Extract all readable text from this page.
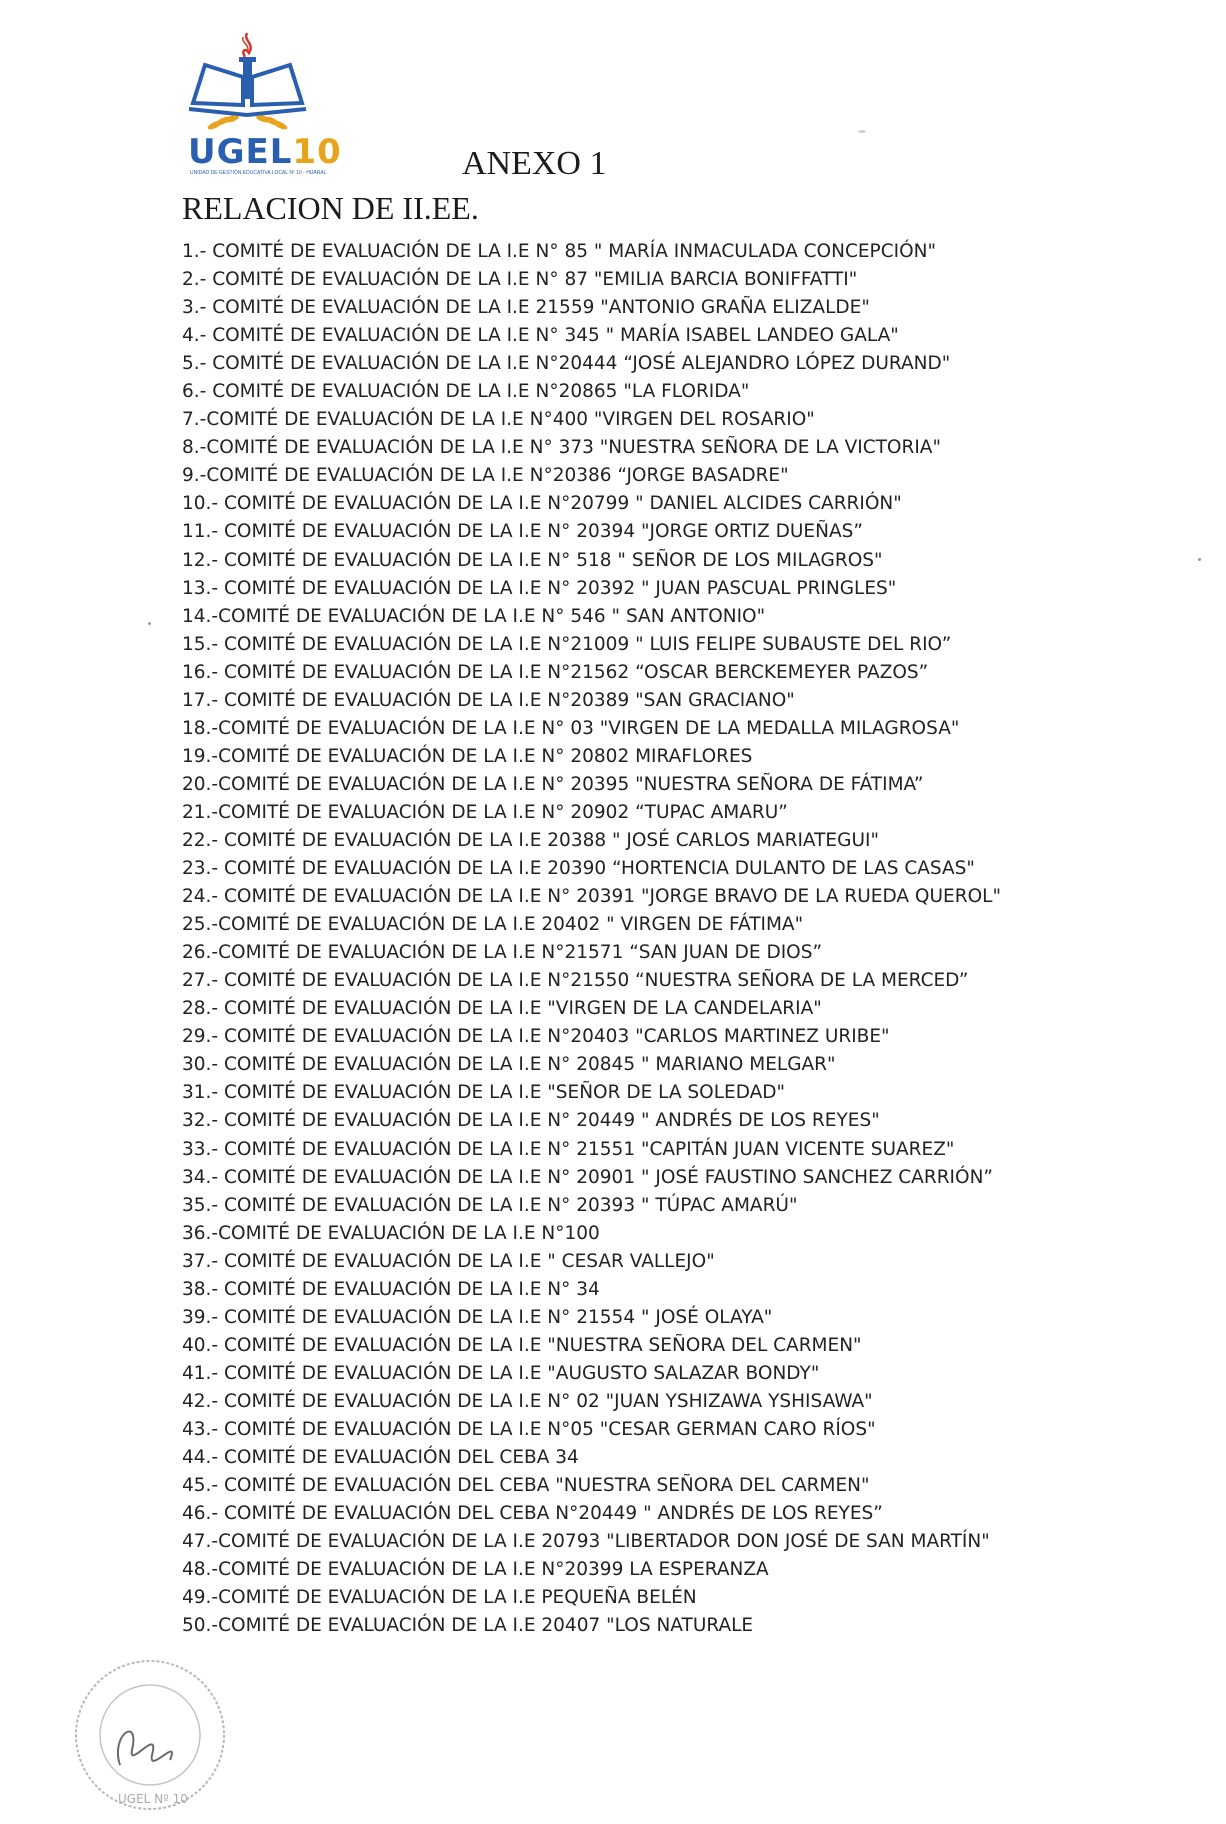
UGEL10
UNIDAD DE GESTIÓN EDUCATIVA LOCAL Nº 10 - HUARAL	ANEXO 1
RELACION DE II.EE.
1.- COMITÉ DE EVALUACIÓN DE LA I.E N° 85 " MARÍA INMACULADA CONCEPCIÓN"
2.- COMITÉ DE EVALUACIÓN DE LA I.E N° 87 "EMILIA BARCIA BONIFFATTI"
3.- COMITÉ DE EVALUACIÓN DE LA I.E 21559 "ANTONIO GRAÑA ELIZALDE"
4.- COMITÉ DE EVALUACIÓN DE LA I.E N° 345 " MARÍA ISABEL LANDEO GALA"
5.- COMITÉ DE EVALUACIÓN DE LA I.E N°20444 “JOSÉ ALEJANDRO LÓPEZ DURAND"
6.- COMITÉ DE EVALUACIÓN DE LA I.E N°20865 "LA FLORIDA"
7.-COMITÉ DE EVALUACIÓN DE LA I.E N°400 "VIRGEN DEL ROSARIO"
8.-COMITÉ DE EVALUACIÓN DE LA I.E N° 373 "NUESTRA SEÑORA DE LA VICTORIA"
9.-COMITÉ DE EVALUACIÓN DE LA I.E N°20386 “JORGE BASADRE"
10.- COMITÉ DE EVALUACIÓN DE LA I.E N°20799 " DANIEL ALCIDES CARRIÓN"
11.- COMITÉ DE EVALUACIÓN DE LA I.E N° 20394 "JORGE ORTIZ DUEÑAS”
12.- COMITÉ DE EVALUACIÓN DE LA I.E N° 518 " SEÑOR DE LOS MILAGROS"
13.- COMITÉ DE EVALUACIÓN DE LA I.E N° 20392 " JUAN PASCUAL PRINGLES"
14.-COMITÉ DE EVALUACIÓN DE LA I.E N° 546 " SAN ANTONIO"
15.- COMITÉ DE EVALUACIÓN DE LA I.E N°21009 " LUIS FELIPE SUBAUSTE DEL RIO”
16.- COMITÉ DE EVALUACIÓN DE LA I.E N°21562 “OSCAR BERCKEMEYER PAZOS”
17.- COMITÉ DE EVALUACIÓN DE LA I.E N°20389 "SAN GRACIANO"
18.-COMITÉ DE EVALUACIÓN DE LA I.E N° 03 "VIRGEN DE LA MEDALLA MILAGROSA"
19.-COMITÉ DE EVALUACIÓN DE LA I.E N° 20802 MIRAFLORES
20.-COMITÉ DE EVALUACIÓN DE LA I.E N° 20395 "NUESTRA SEÑORA DE FÁTIMA”
21.-COMITÉ DE EVALUACIÓN DE LA I.E N° 20902 “TUPAC AMARU”
22.- COMITÉ DE EVALUACIÓN DE LA I.E 20388 " JOSÉ CARLOS MARIATEGUI"
23.- COMITÉ DE EVALUACIÓN DE LA I.E 20390 “HORTENCIA DULANTO DE LAS CASAS"
24.- COMITÉ DE EVALUACIÓN DE LA I.E N° 20391 "JORGE BRAVO DE LA RUEDA QUEROL"
25.-COMITÉ DE EVALUACIÓN DE LA I.E 20402 " VIRGEN DE FÁTIMA"
26.-COMITÉ DE EVALUACIÓN DE LA I.E N°21571 “SAN JUAN DE DIOS”
27.- COMITÉ DE EVALUACIÓN DE LA I.E N°21550 “NUESTRA SEÑORA DE LA MERCED”
28.- COMITÉ DE EVALUACIÓN DE LA I.E "VIRGEN DE LA CANDELARIA"
29.- COMITÉ DE EVALUACIÓN DE LA I.E N°20403 "CARLOS MARTINEZ URIBE"
30.- COMITÉ DE EVALUACIÓN DE LA I.E N° 20845 " MARIANO MELGAR"
31.- COMITÉ DE EVALUACIÓN DE LA I.E "SEÑOR DE LA SOLEDAD"
32.- COMITÉ DE EVALUACIÓN DE LA I.E N° 20449 " ANDRÉS DE LOS REYES"
33.- COMITÉ DE EVALUACIÓN DE LA I.E N° 21551 "CAPITÁN JUAN VICENTE SUAREZ"
34.- COMITÉ DE EVALUACIÓN DE LA I.E N° 20901 " JOSÉ FAUSTINO SANCHEZ CARRIÓN”
35.- COMITÉ DE EVALUACIÓN DE LA I.E N° 20393 " TÚPAC AMARÚ"
36.-COMITÉ DE EVALUACIÓN DE LA I.E N°100
37.- COMITÉ DE EVALUACIÓN DE LA I.E " CESAR VALLEJO"
38.- COMITÉ DE EVALUACIÓN DE LA I.E N° 34
39.- COMITÉ DE EVALUACIÓN DE LA I.E N° 21554 " JOSÉ OLAYA"
40.- COMITÉ DE EVALUACIÓN DE LA I.E "NUESTRA SEÑORA DEL CARMEN"
41.- COMITÉ DE EVALUACIÓN DE LA I.E "AUGUSTO SALAZAR BONDY"
42.- COMITÉ DE EVALUACIÓN DE LA I.E N° 02 "JUAN YSHIZAWA YSHISAWA"
43.- COMITÉ DE EVALUACIÓN DE LA I.E N°05 "CESAR GERMAN CARO RÍOS"
44.- COMITÉ DE EVALUACIÓN DEL CEBA 34
45.- COMITÉ DE EVALUACIÓN DEL CEBA "NUESTRA SEÑORA DEL CARMEN"
46.- COMITÉ DE EVALUACIÓN DEL CEBA N°20449 " ANDRÉS DE LOS REYES”
47.-COMITÉ DE EVALUACIÓN DE LA I.E 20793 "LIBERTADOR DON JOSÉ DE SAN MARTÍN"
48.-COMITÉ DE EVALUACIÓN DE LA I.E N°20399 LA ESPERANZA
49.-COMITÉ DE EVALUACIÓN DE LA I.E PEQUEÑA BELÉN
50.-COMITÉ DE EVALUACIÓN DE LA I.E 20407 "LOS NATURALE
UGEL Nº 10
